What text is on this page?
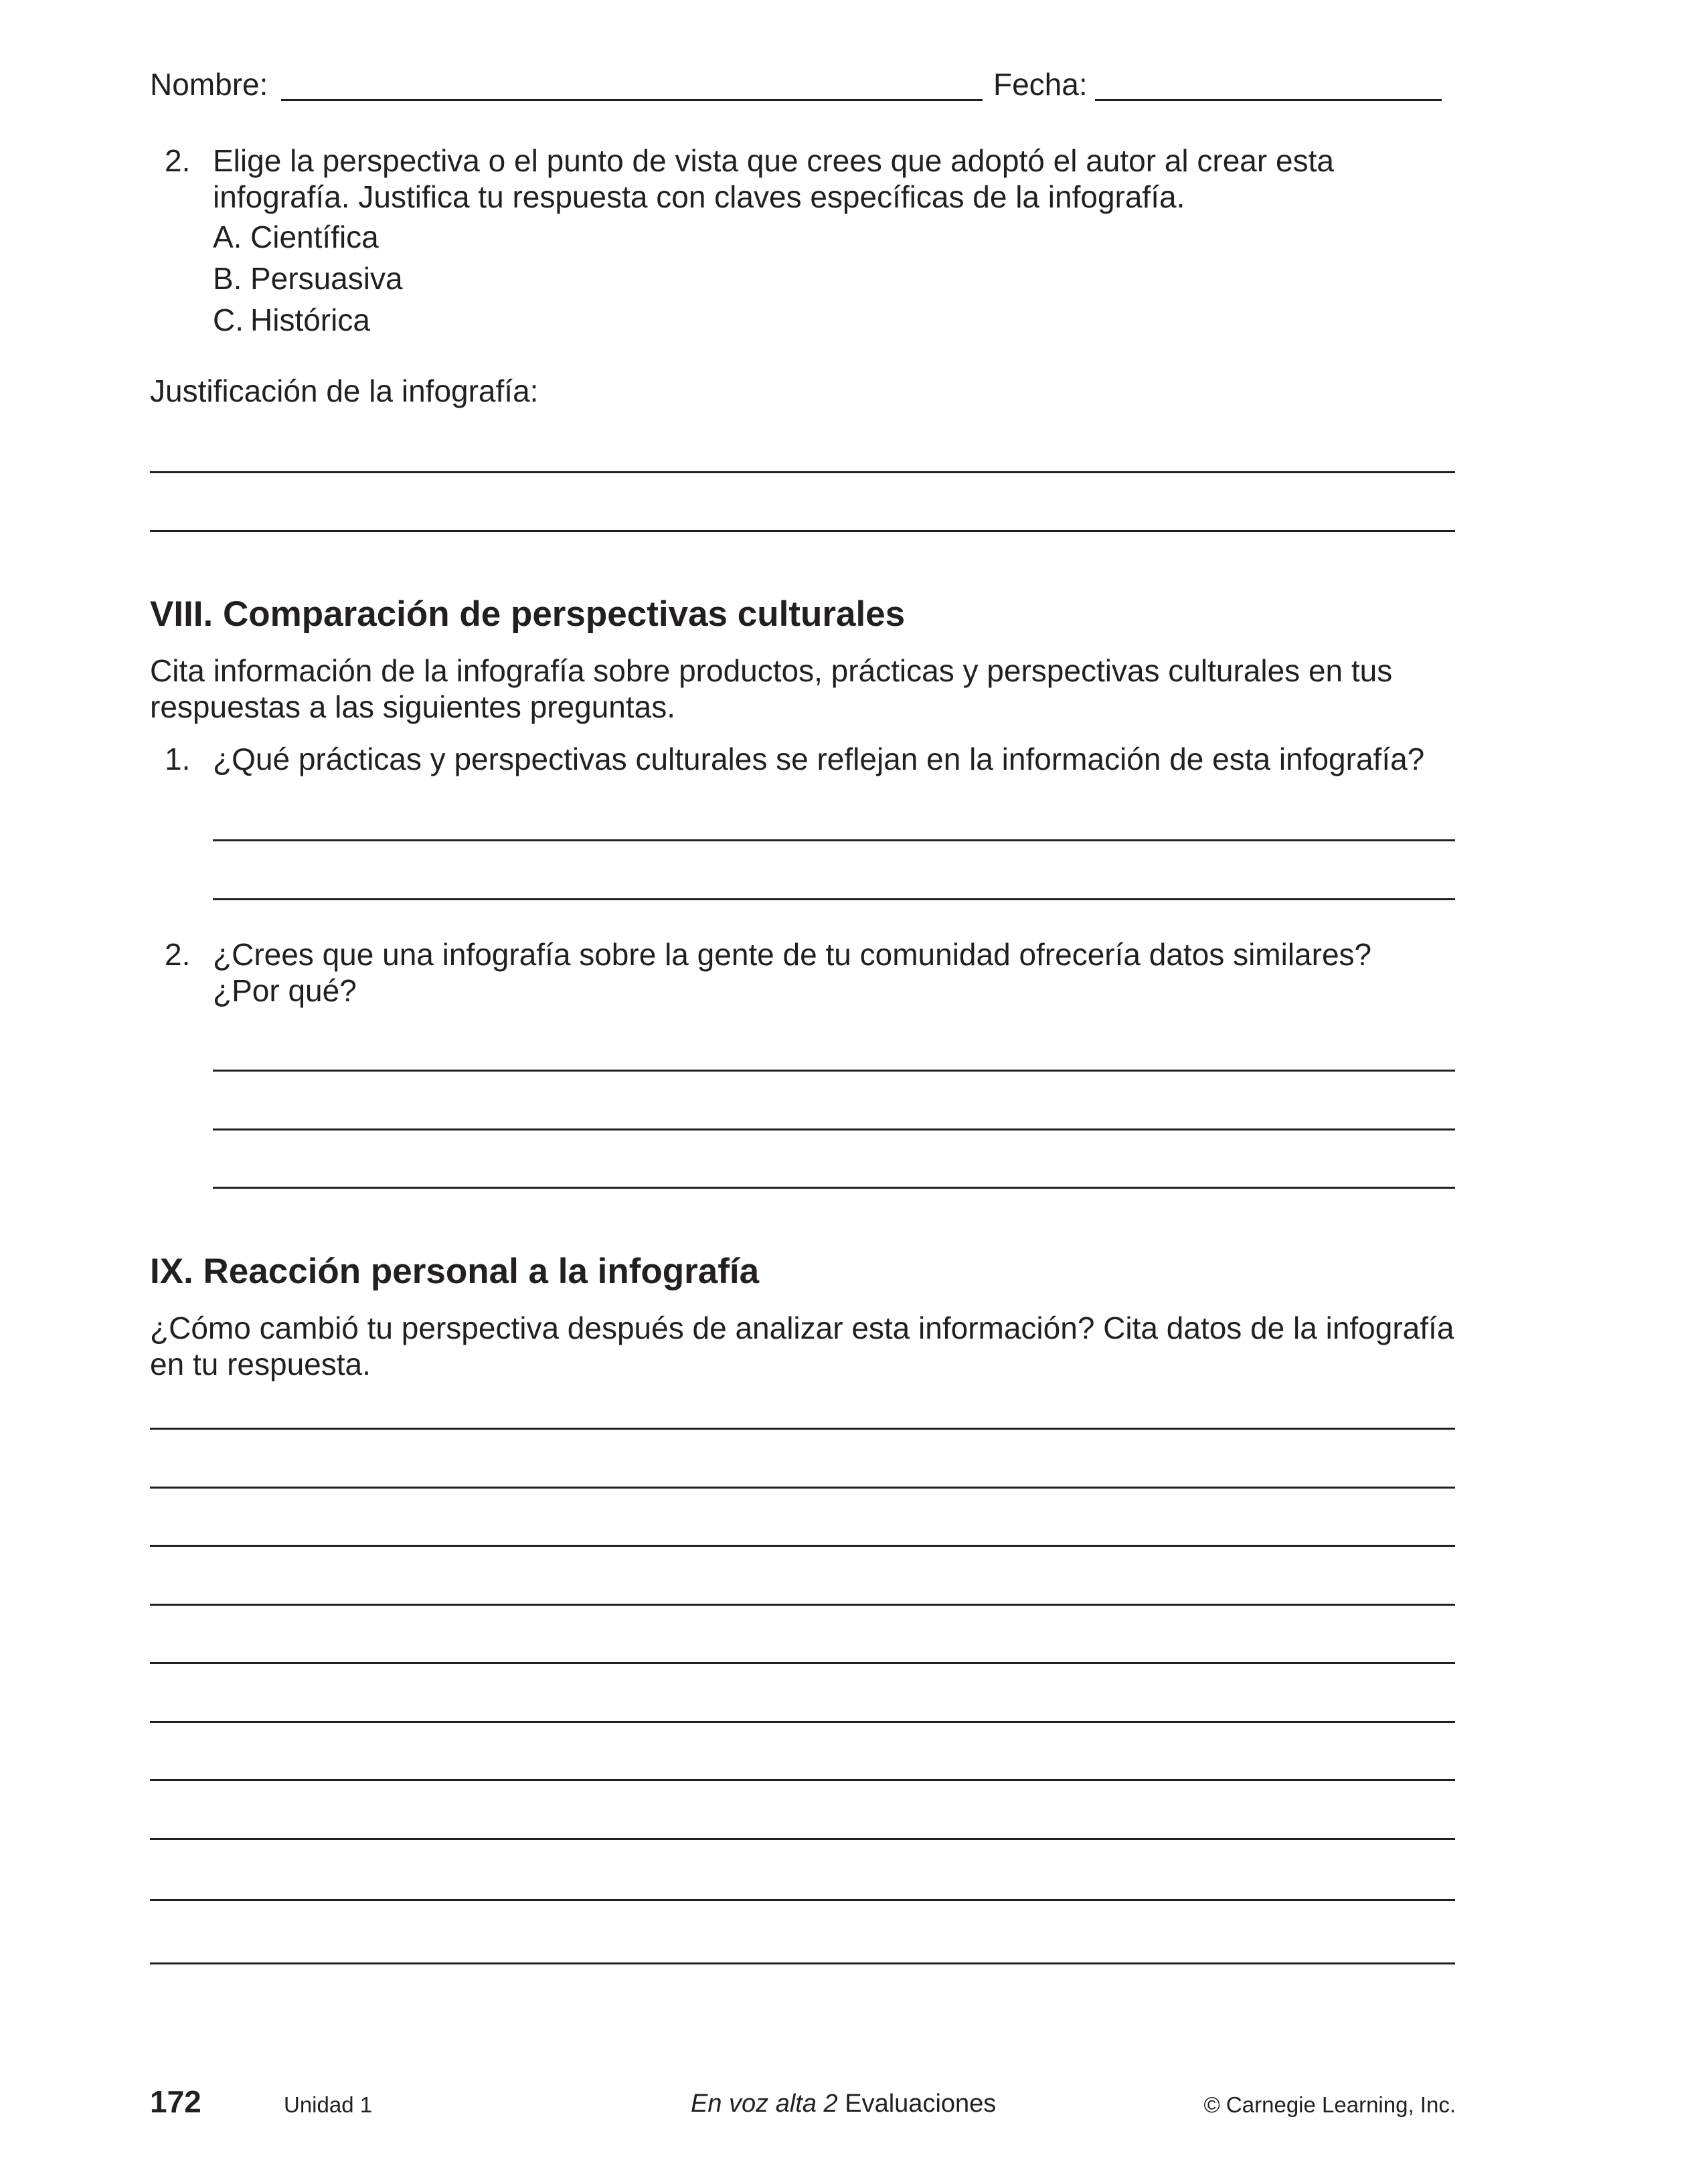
Nombre:	Fecha:
2. Elige la perspectiva o el punto de vista que crees que adoptó el autor al crear esta
infografía. Justifica tu respuesta con claves específicas de la infografía.
A. Científica
B. Persuasiva
C. Histórica
Justificación de la infografía:
VIII. Comparación de perspectivas culturales
Cita información de la infografía sobre productos, prácticas y perspectivas culturales en tus
respuestas a las siguientes preguntas.
1. ¿Qué prácticas y perspectivas culturales se reflejan en la información de esta infografía?
2. ¿Crees que una infografía sobre la gente de tu comunidad ofrecería datos similares?
¿Por qué?
IX. Reacción personal a la infografía
¿Cómo cambió tu perspectiva después de analizar esta información? Cita datos de la infografía
en tu respuesta.
172	Unidad 1	En voz alta 2 Evaluaciones	© Carnegie Learning, Inc.
